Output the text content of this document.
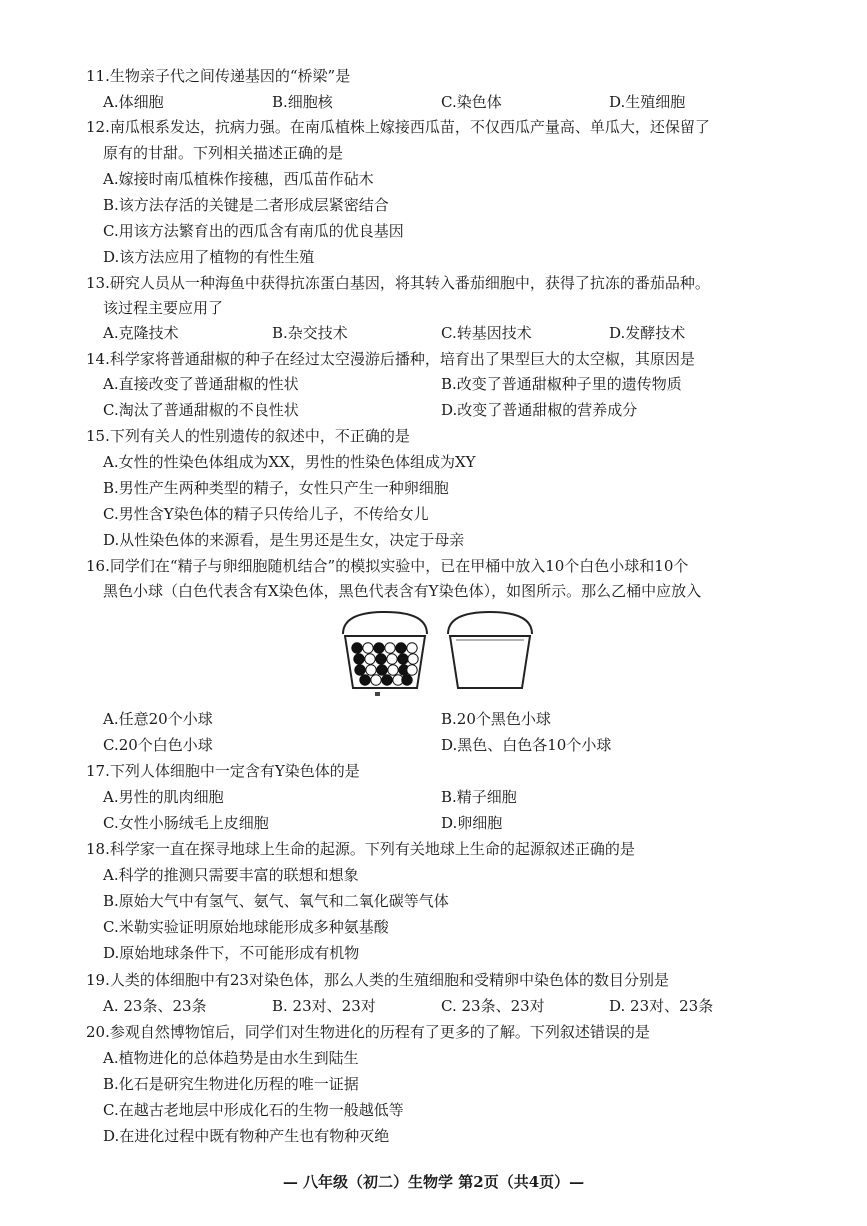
11.生物亲子代之间传递基因的“桥梁”是

A.体细胞	B.细胞核	C.染色体	D.生殖细胞

12.南瓜根系发达，抗病力强。在南瓜植株上嫁接西瓜苗，不仅西瓜产量高、单瓜大，还保留了

原有的甘甜。下列相关描述正确的是

A.嫁接时南瓜植株作接穗，西瓜苗作砧木

B.该方法存活的关键是二者形成层紧密结合

C.用该方法繁育出的西瓜含有南瓜的优良基因

D.该方法应用了植物的有性生殖

13.研究人员从一种海鱼中获得抗冻蛋白基因，将其转入番茄细胞中，获得了抗冻的番茄品种。

该过程主要应用了

A.克隆技术	B.杂交技术	C.转基因技术	D.发酵技术

14.科学家将普通甜椒的种子在经过太空漫游后播种，培育出了果型巨大的太空椒，其原因是

A.直接改变了普通甜椒的性状	B.改变了普通甜椒种子里的遗传物质

C.淘汰了普通甜椒的不良性状	D.改变了普通甜椒的营养成分

15.下列有关人的性别遗传的叙述中，不正确的是

A.女性的性染色体组成为XX，男性的性染色体组成为XY

B.男性产生两种类型的精子，女性只产生一种卵细胞

C.男性含Y染色体的精子只传给儿子，不传给女儿

D.从性染色体的来源看，是生男还是生女，决定于母亲

16.同学们在“精子与卵细胞随机结合”的模拟实验中，已在甲桶中放入10个白色小球和10个

黑色小球（白色代表含有X染色体，黑色代表含有Y染色体），如图所示。那么乙桶中应放入

A.任意20个小球	B.20个黑色小球

C.20个白色小球	D.黑色、白色各10个小球

17.下列人体细胞中一定含有Y染色体的是

A.男性的肌肉细胞	B.精子细胞

C.女性小肠绒毛上皮细胞	D.卵细胞

18.科学家一直在探寻地球上生命的起源。下列有关地球上生命的起源叙述正确的是

A.科学的推测只需要丰富的联想和想象

B.原始大气中有氢气、氨气、氧气和二氧化碳等气体

C.米勒实验证明原始地球能形成多种氨基酸

D.原始地球条件下，不可能形成有机物

19.人类的体细胞中有23对染色体，那么人类的生殖细胞和受精卵中染色体的数目分别是

A. 23条、23条	B. 23对、23对	C. 23条、23对	D. 23对、23条

20.参观自然博物馆后，同学们对生物进化的历程有了更多的了解。下列叙述错误的是

A.植物进化的总体趋势是由水生到陆生

B.化石是研究生物进化历程的唯一证据

C.在越古老地层中形成化石的生物一般越低等

D.在进化过程中既有物种产生也有物种灭绝

— 八年级（初二）生物学 第2页（共4页）—
